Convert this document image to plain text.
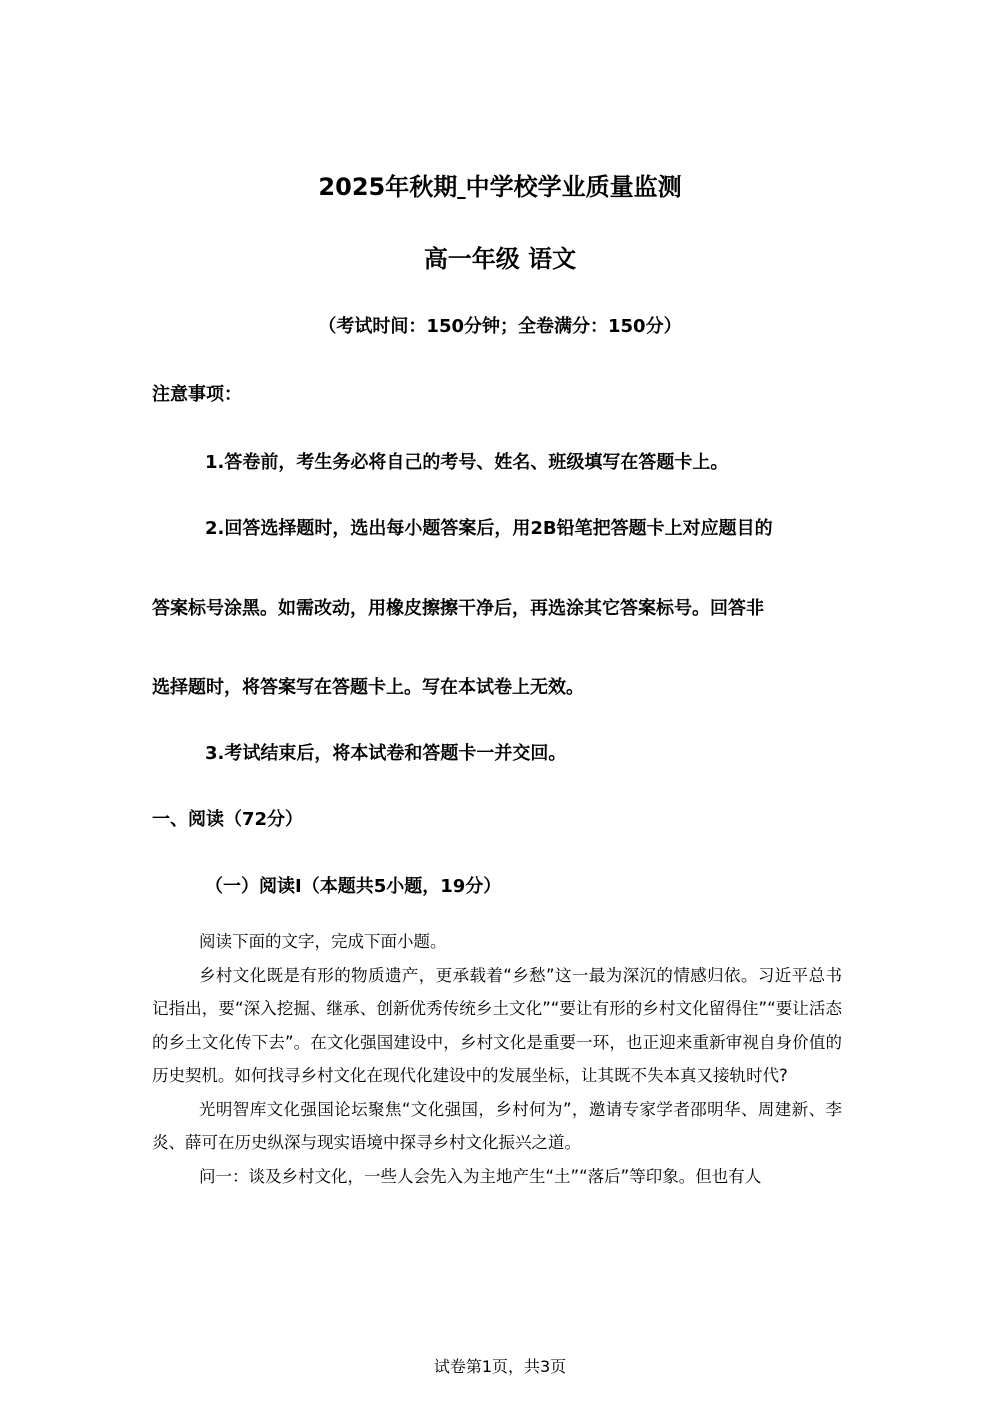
2025年秋期 中学校学业质量监测
高一年级 语文
（考试时间：150分钟；全卷满分：150分）
注意事项：
1.答卷前，考生务必将自己的考号、姓名、班级填写在答题卡上。
2.回答选择题时，选出每小题答案后，用2B铅笔把答题卡上对应题目的
答案标号涂黑。如需改动，用橡皮擦擦干净后，再选涂其它答案标号。回答非
选择题时，将答案写在答题卡上。写在本试卷上无效。
3.考试结束后，将本试卷和答题卡一并交回。
一、阅读（72分）
（一）阅读I（本题共5小题，19分）

阅读下面的文字，完成下面小题。

乡村文化既是有形的物质遗产，更承载着“乡愁”这一最为深沉的情感归依。习近平总书记指出，要“深入挖掘、继承、创新优秀传统乡土文化”“要让有形的乡村文化留得住”“要让活态的乡土文化传下去”。在文化强国建设中，乡村文化是重要一环，也正迎来重新审视自身价值的历史契机。如何找寻乡村文化在现代化建设中的发展坐标，让其既不失本真又接轨时代?

光明智库文化强国论坛聚焦“文化强国，乡村何为”，邀请专家学者邵明华、周建新、李炎、薛可在历史纵深与现实语境中探寻乡村文化振兴之道。

问一：谈及乡村文化，一些人会先入为主地产生“土”“落后”等印象。但也有人

试卷第1页，共3页
